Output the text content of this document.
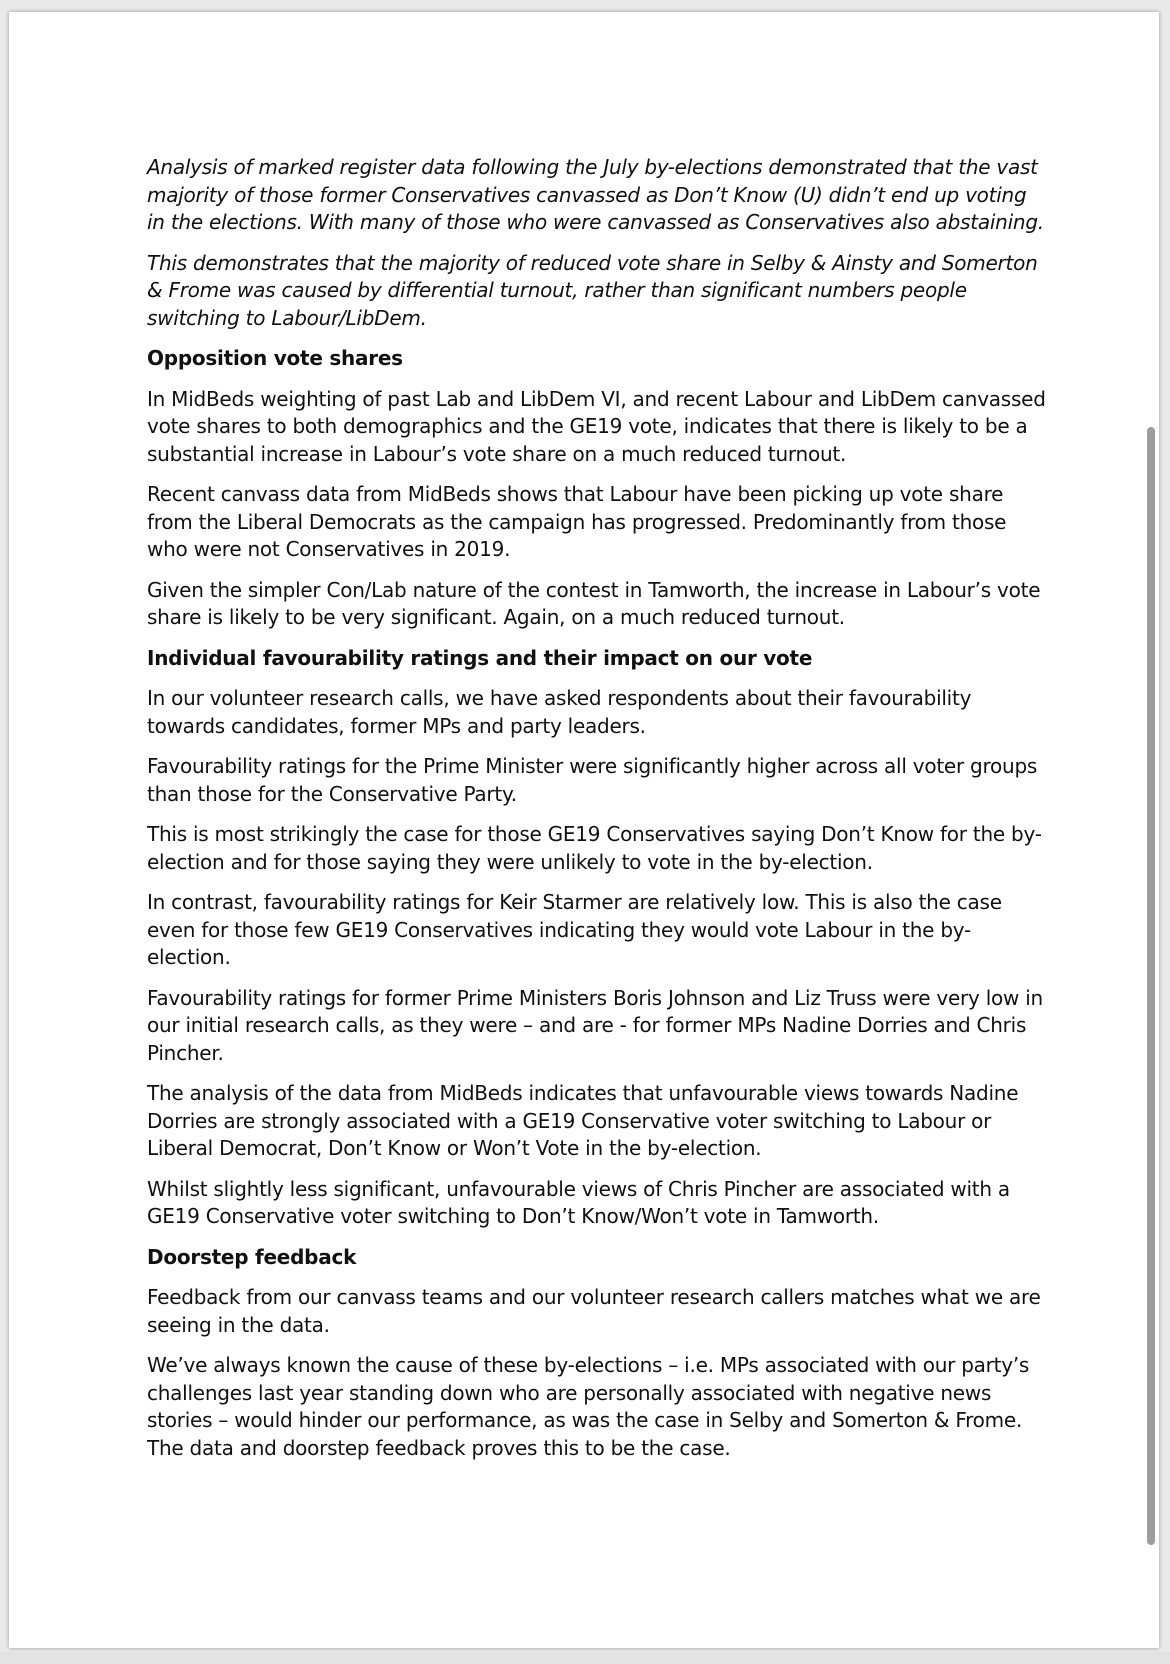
Analysis of marked register data following the July by-elections demonstrated that the vast majority of those former Conservatives canvassed as Don’t Know (U) didn’t end up voting in the elections. With many of those who were canvassed as Conservatives also abstaining.

This demonstrates that the majority of reduced vote share in Selby & Ainsty and Somerton & Frome was caused by differential turnout, rather than significant numbers people switching to Labour/LibDem.

Opposition vote shares

In MidBeds weighting of past Lab and LibDem VI, and recent Labour and LibDem canvassed vote shares to both demographics and the GE19 vote, indicates that there is likely to be a substantial increase in Labour’s vote share on a much reduced turnout.

Recent canvass data from MidBeds shows that Labour have been picking up vote share from the Liberal Democrats as the campaign has progressed. Predominantly from those who were not Conservatives in 2019.

Given the simpler Con/Lab nature of the contest in Tamworth, the increase in Labour’s vote share is likely to be very significant. Again, on a much reduced turnout.

Individual favourability ratings and their impact on our vote

In our volunteer research calls, we have asked respondents about their favourability towards candidates, former MPs and party leaders.

Favourability ratings for the Prime Minister were significantly higher across all voter groups than those for the Conservative Party.

This is most strikingly the case for those GE19 Conservatives saying Don’t Know for the by-election and for those saying they were unlikely to vote in the by-election.

In contrast, favourability ratings for Keir Starmer are relatively low. This is also the case even for those few GE19 Conservatives indicating they would vote Labour in the by-election.

Favourability ratings for former Prime Ministers Boris Johnson and Liz Truss were very low in our initial research calls, as they were – and are - for former MPs Nadine Dorries and Chris Pincher.

The analysis of the data from MidBeds indicates that unfavourable views towards Nadine Dorries are strongly associated with a GE19 Conservative voter switching to Labour or Liberal Democrat, Don’t Know or Won’t Vote in the by-election.

Whilst slightly less significant, unfavourable views of Chris Pincher are associated with a GE19 Conservative voter switching to Don’t Know/Won’t vote in Tamworth.

Doorstep feedback

Feedback from our canvass teams and our volunteer research callers matches what we are seeing in the data.

We’ve always known the cause of these by-elections – i.e. MPs associated with our party’s challenges last year standing down who are personally associated with negative news stories – would hinder our performance, as was the case in Selby and Somerton & Frome. The data and doorstep feedback proves this to be the case.
